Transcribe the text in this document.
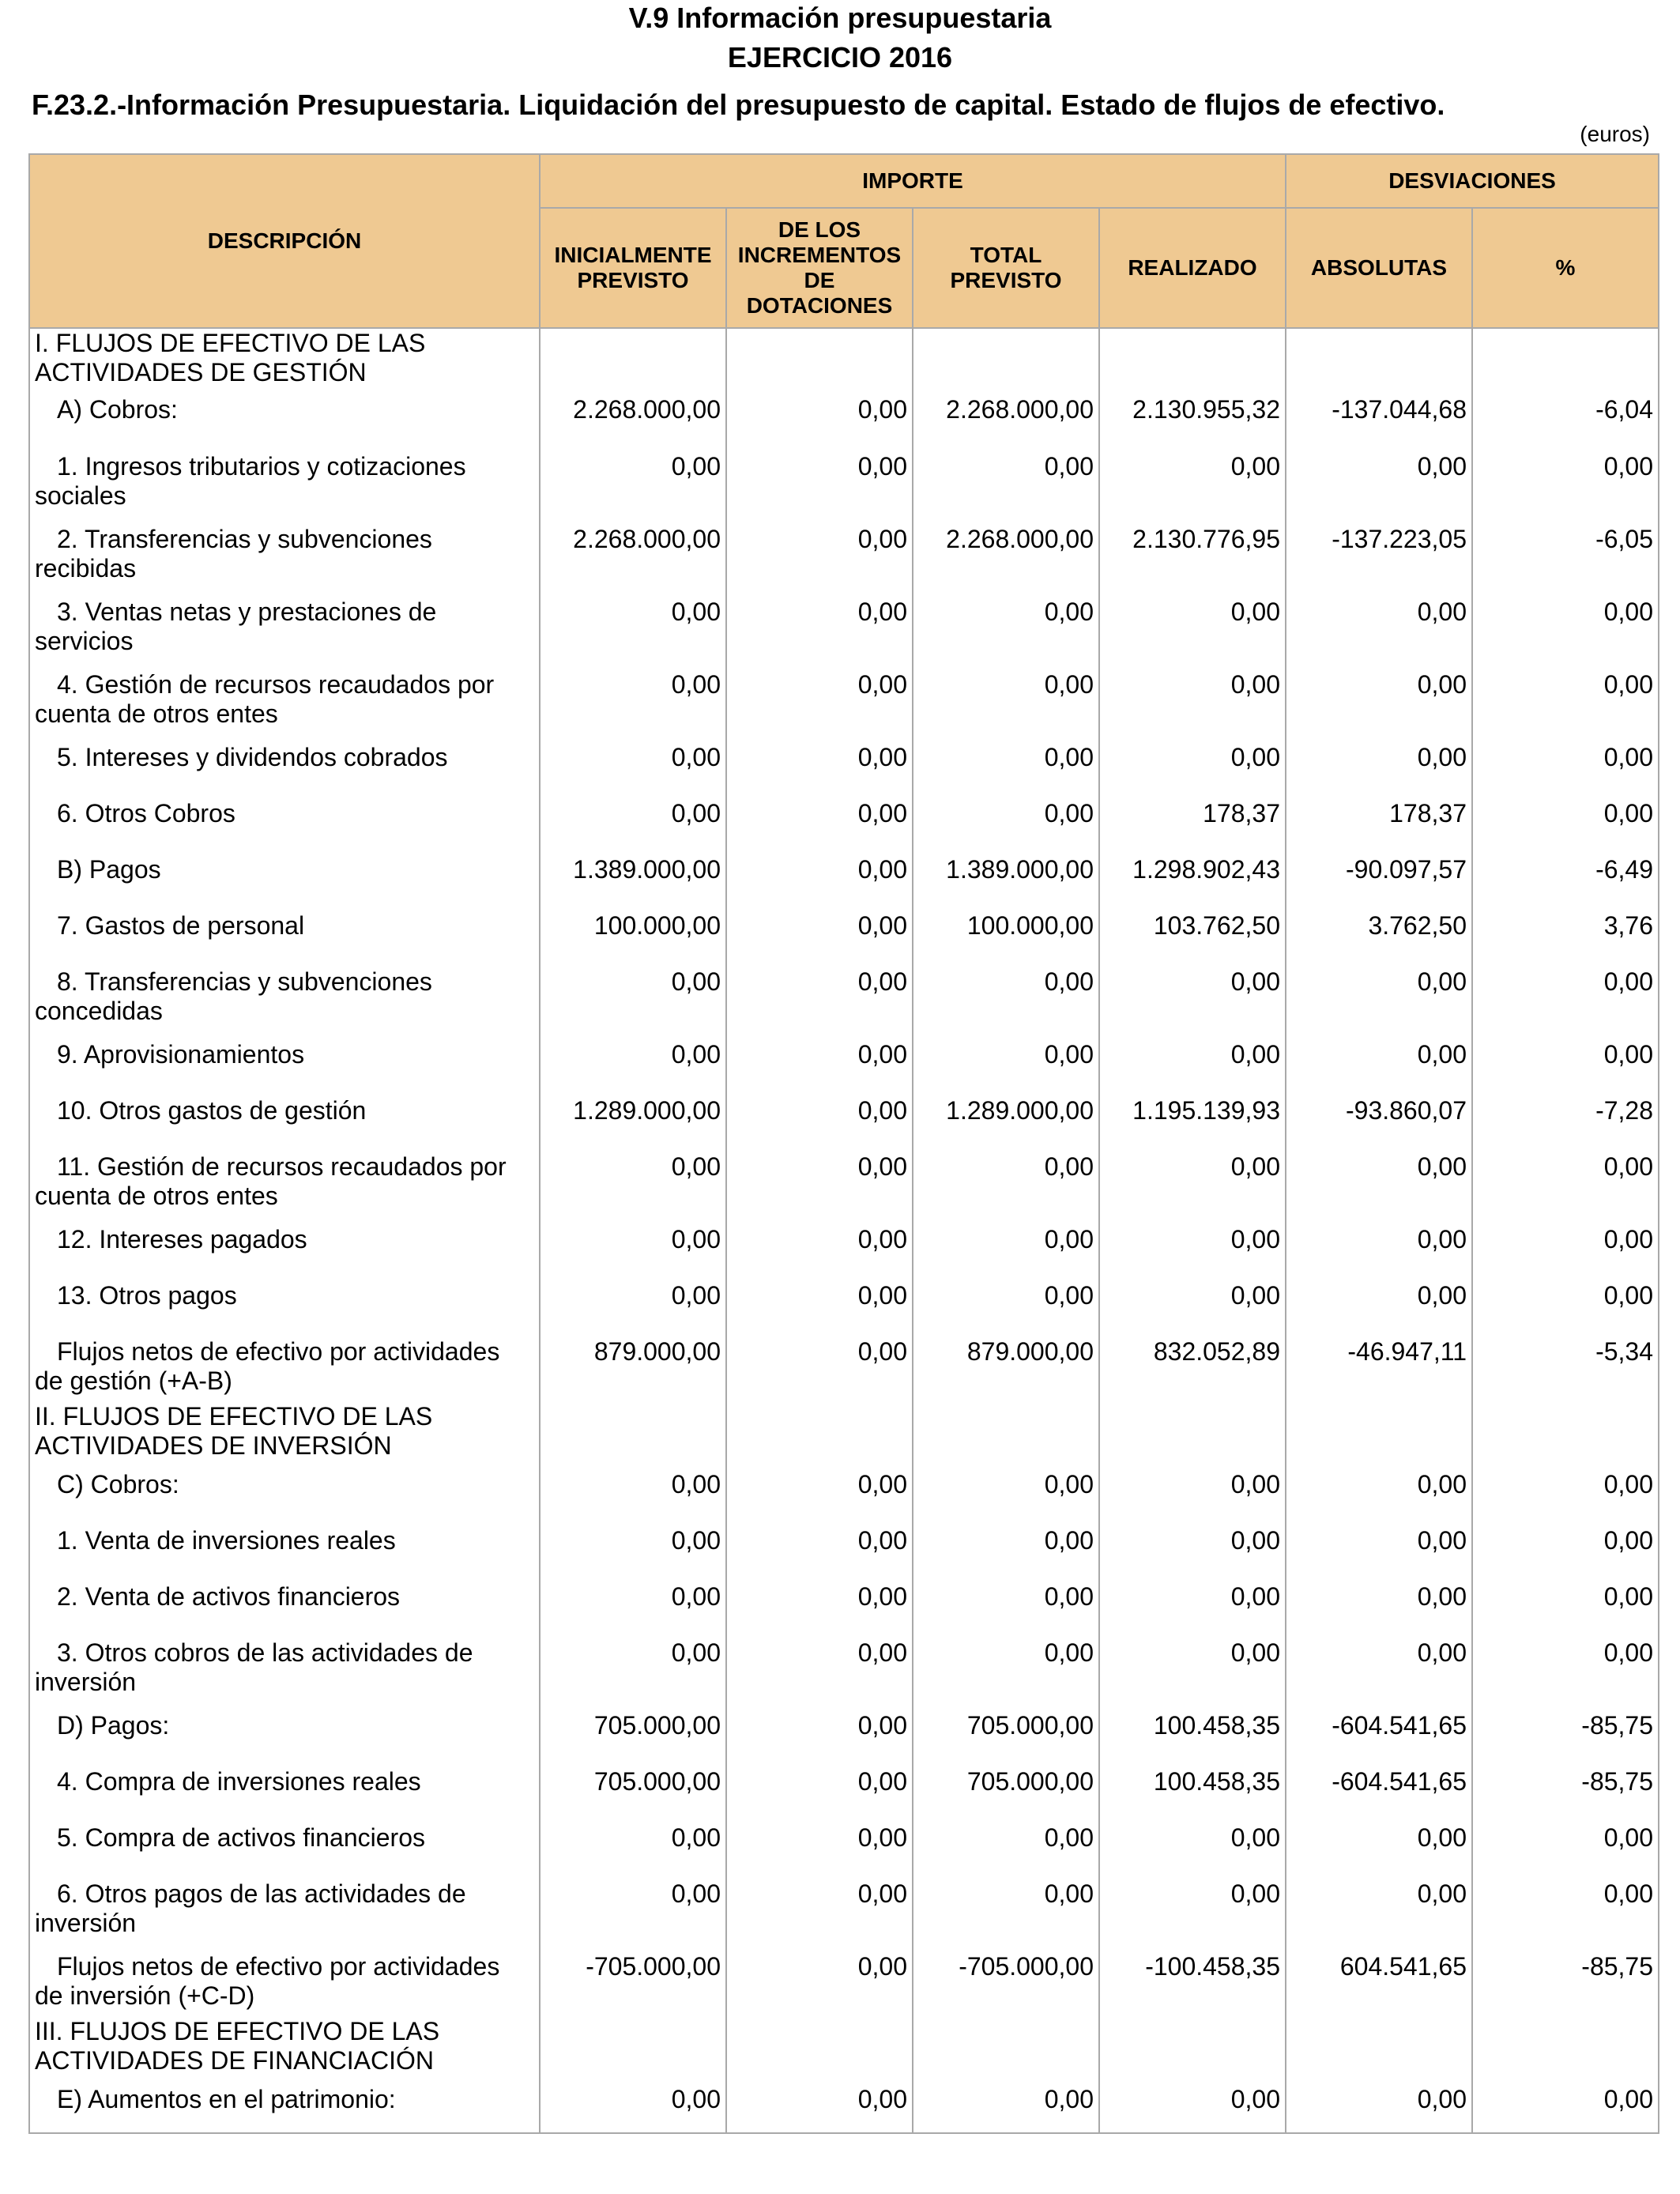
V.9 Información presupuestaria
EJERCICIO 2016
F.23.2.-Información Presupuestaria. Liquidación del presupuesto de capital. Estado de flujos de efectivo.
(euros)
DESCRIPCIÓN	IMPORTE				DESVIACIONES	
	INICIALMENTE PREVISTO	DE LOS INCREMENTOS DE DOTACIONES	TOTAL PREVISTO	REALIZADO	ABSOLUTAS	%
I. FLUJOS DE EFECTIVO DE LAS ACTIVIDADES DE GESTIÓN						
A) Cobros:	2.268.000,00	0,00	2.268.000,00	2.130.955,32	-137.044,68	-6,04
1. Ingresos tributarios y cotizaciones sociales	0,00	0,00	0,00	0,00	0,00	0,00
2. Transferencias y subvenciones recibidas	2.268.000,00	0,00	2.268.000,00	2.130.776,95	-137.223,05	-6,05
3. Ventas netas y prestaciones de servicios	0,00	0,00	0,00	0,00	0,00	0,00
4. Gestión de recursos recaudados por cuenta de otros entes	0,00	0,00	0,00	0,00	0,00	0,00
5. Intereses y dividendos cobrados	0,00	0,00	0,00	0,00	0,00	0,00
6. Otros Cobros	0,00	0,00	0,00	178,37	178,37	0,00
B) Pagos	1.389.000,00	0,00	1.389.000,00	1.298.902,43	-90.097,57	-6,49
7. Gastos de personal	100.000,00	0,00	100.000,00	103.762,50	3.762,50	3,76
8. Transferencias y subvenciones concedidas	0,00	0,00	0,00	0,00	0,00	0,00
9. Aprovisionamientos	0,00	0,00	0,00	0,00	0,00	0,00
10. Otros gastos de gestión	1.289.000,00	0,00	1.289.000,00	1.195.139,93	-93.860,07	-7,28
11. Gestión de recursos recaudados por cuenta de otros entes	0,00	0,00	0,00	0,00	0,00	0,00
12. Intereses pagados	0,00	0,00	0,00	0,00	0,00	0,00
13. Otros pagos	0,00	0,00	0,00	0,00	0,00	0,00
Flujos netos de efectivo por actividades de gestión (+A-B)	879.000,00	0,00	879.000,00	832.052,89	-46.947,11	-5,34
II. FLUJOS DE EFECTIVO DE LAS ACTIVIDADES DE INVERSIÓN						
C) Cobros:	0,00	0,00	0,00	0,00	0,00	0,00
1. Venta de inversiones reales	0,00	0,00	0,00	0,00	0,00	0,00
2. Venta de activos financieros	0,00	0,00	0,00	0,00	0,00	0,00
3. Otros cobros de las actividades de inversión	0,00	0,00	0,00	0,00	0,00	0,00
D) Pagos:	705.000,00	0,00	705.000,00	100.458,35	-604.541,65	-85,75
4. Compra de inversiones reales	705.000,00	0,00	705.000,00	100.458,35	-604.541,65	-85,75
5. Compra de activos financieros	0,00	0,00	0,00	0,00	0,00	0,00
6. Otros pagos de las actividades de inversión	0,00	0,00	0,00	0,00	0,00	0,00
Flujos netos de efectivo por actividades de inversión (+C-D)	-705.000,00	0,00	-705.000,00	-100.458,35	604.541,65	-85,75
III. FLUJOS DE EFECTIVO DE LAS ACTIVIDADES DE FINANCIACIÓN						
E) Aumentos en el patrimonio:	0,00	0,00	0,00	0,00	0,00	0,00
